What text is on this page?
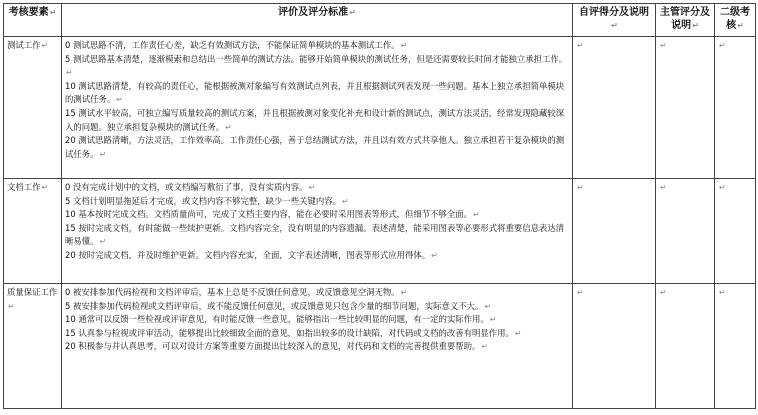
考核要素↵	评价及评分标准↵	自评得分及说明↵	主管评分及说明↵	二级考核↵
测试工作↵	0 测试思路不清，工作责任心差，缺乏有效测试方法，不能保证简单模块的基本测试工作。↵
5 测试思路基本清楚，逐渐模索和总结出一些简单的测试方法。能够开始简单模块的测试任务，但是还需要较长时间才能独立承担工作。↵
10 测试思路清楚，有较高的责任心，能根据被测对象编写有效测试点列表，并且根据测试列表发现一些问题。基本上独立承担简单模块的测试任务。↵
15 测试水平较高，可独立编写质量较高的测试方案，并且根据被测对象变化补充和设计新的测试点，测试方法灵活，经常发现隐藏较深入的问题。独立承担复杂模块的测试任务。↵
20 测试思路清晰，方法灵活，工作效率高。工作责任心强，善于总结测试方法，并且以有效方式共享他人。独立承担若干复杂模块的测试任务。↵	↵	↵	↵
文档工作↵	0 没有完成计划中的文档，或文档编写敷衍了事，没有实质内容。↵
5 文档计划明显拖延后才完成，或文档内容不够完整，缺少一些关键内容。↵
10 基本按时完成文档。文档质量尚可，完成了文档主要内容，能在必要时采用图表等形式，但细节不够全面。↵
15 按时完成文档，有时能做一些续护更新。文档内容完全，没有明显的内容遗漏。表述清楚，能采用图表等必要形式将重要信息表达清晰易懂。↵
20 按时完成文档，并及时维护更新。文档内容充实，全面，文字表述清晰，图表等形式应用得体。↵	↵	↵	↵
质量保证工作↵	0 被安排参加代码检视和文档评审后，基本上总是不反馈任何意见，或反馈意见空洞无物。↵
5 被安排参加代码检视或文档评审后，或不能反馈任何意见，或反馈意见只包含少量的细节问题，实际意义不大。↵
10 通常可以反馈一些检视或评审意见，有时能反馈一些意见，能够指出一些比较明显的问题，有一定的实际作用。↵
15 认真参与检视或评审活动，能够提出比较细致全面的意见，如指出较多的设计缺陷，对代码或文档的改善有明显作用。↵
20 积极参与并认真思考，可以对设计方案等重要方面提出比较深入的意见，对代码和文档的完善提供重要帮助。↵	↵	↵	↵
